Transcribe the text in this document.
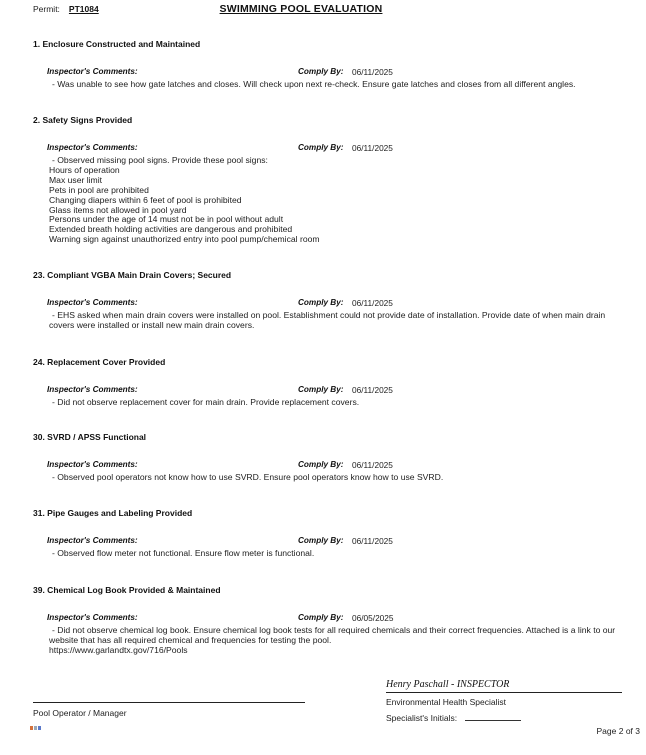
Permit: PT1084	SWIMMING POOL EVALUATION
1. Enclosure Constructed and Maintained
Inspector's Comments:	Comply By: 06/11/2025
- Was unable to see how gate latches and closes. Will check upon next re-check. Ensure gate latches and closes from all different angles.
2. Safety Signs Provided
Inspector's Comments:	Comply By: 06/11/2025
- Observed missing pool signs. Provide these pool signs:
Hours of operation
Max user limit
Pets in pool are prohibited
Changing diapers within 6 feet of pool is prohibited
Glass items not allowed in pool yard
Persons under the age of 14 must not be in pool without adult
Extended breath holding activities are dangerous and prohibited
Warning sign against unauthorized entry into pool pump/chemical room
23. Compliant VGBA Main Drain Covers; Secured
Inspector's Comments:	Comply By: 06/11/2025
- EHS asked when main drain covers were installed on pool. Establishment could not provide date of installation. Provide date of when main drain covers were installed or install new main drain covers.
24. Replacement Cover Provided
Inspector's Comments:	Comply By: 06/11/2025
- Did not observe replacement cover for main drain. Provide replacement covers.
30. SVRD / APSS Functional
Inspector's Comments:	Comply By: 06/11/2025
- Observed pool operators not know how to use SVRD. Ensure pool operators know how to use SVRD.
31. Pipe Gauges and Labeling Provided
Inspector's Comments:	Comply By: 06/11/2025
- Observed flow meter not functional. Ensure flow meter is functional.
39. Chemical Log Book Provided & Maintained
Inspector's Comments:	Comply By: 06/05/2025
- Did not observe chemical log book. Ensure chemical log book tests for all required chemicals and their correct frequencies. Attached is a link to our website that has all required chemical and frequencies for testing the pool.
https://www.garlandtx.gov/716/Pools
Henry Paschall - INSPECTOR
Environmental Health Specialist
Specialist's Initials:
Pool Operator / Manager
Page 2 of 3
